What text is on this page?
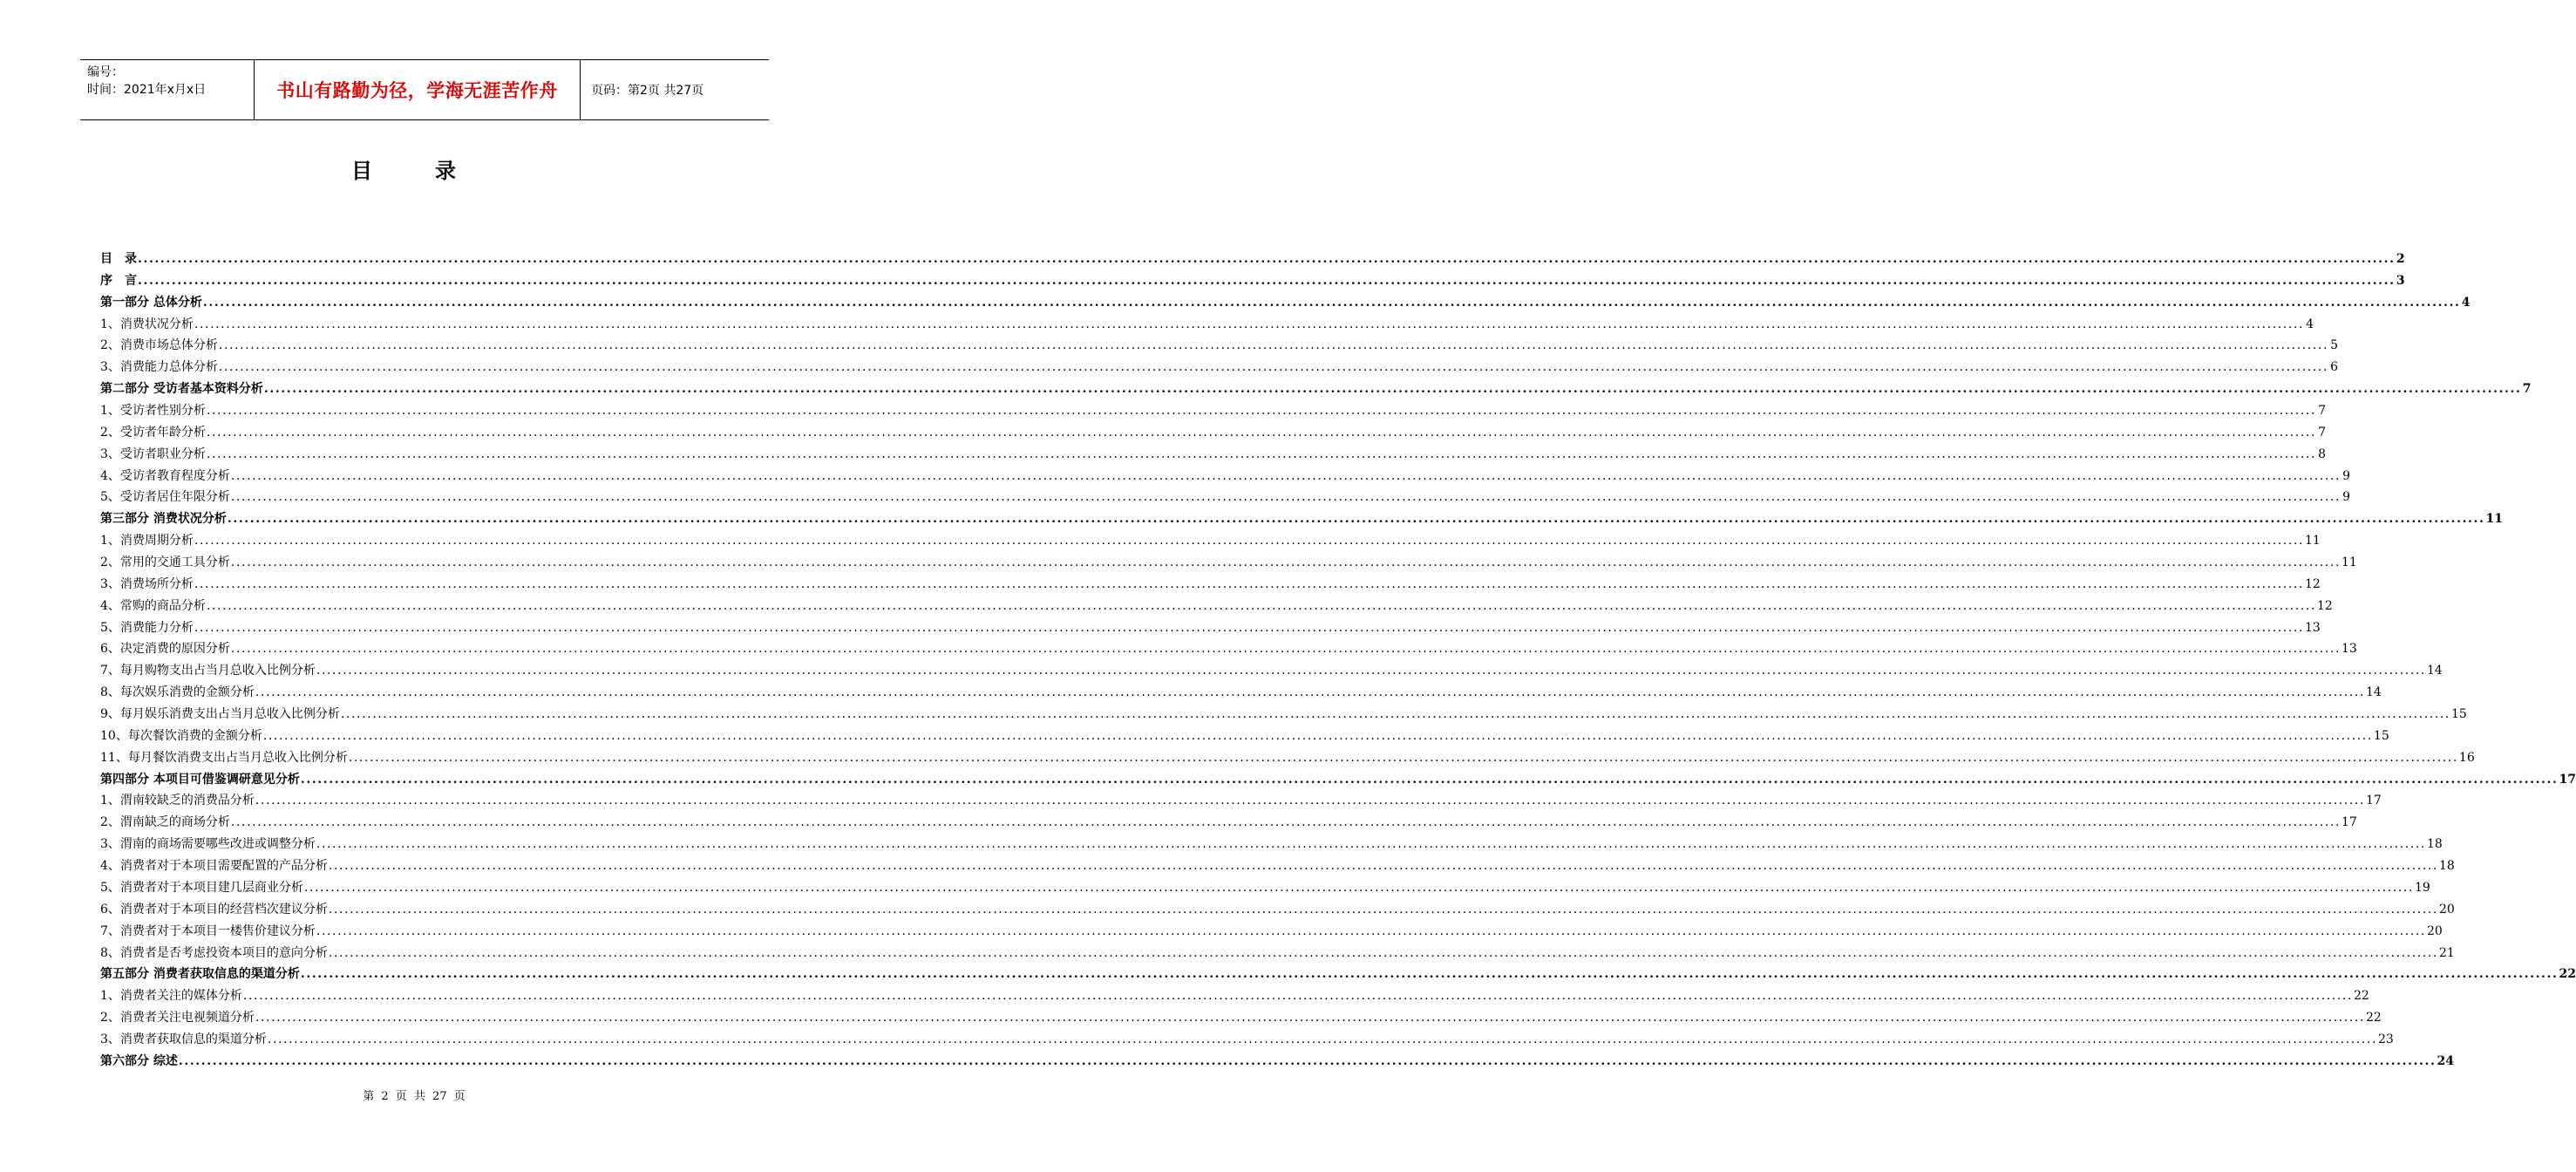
编号：
时间：2021年x月x日	书山有路勤为径，学海无涯苦作舟	页码：第2页 共27页
目　录
目　录 ................................................................................................................................................................................................................................................................................................................................................................................................................ 2
序　言 ................................................................................................................................................................................................................................................................................................................................................................................................................ 3
第一部分 总体分析 ................................................................................................................................................................................................................................................................................................................................................................................................................ 4
1、消费状况分析 ................................................................................................................................................................................................................................................................................................................................................................................................................ 4
2、消费市场总体分析 ................................................................................................................................................................................................................................................................................................................................................................................................................ 5
3、消费能力总体分析 ................................................................................................................................................................................................................................................................................................................................................................................................................ 6
第二部分 受访者基本资料分析 ................................................................................................................................................................................................................................................................................................................................................................................................................ 7
1、受访者性别分析 ................................................................................................................................................................................................................................................................................................................................................................................................................ 7
2、受访者年龄分析 ................................................................................................................................................................................................................................................................................................................................................................................................................ 7
3、受访者职业分析 ................................................................................................................................................................................................................................................................................................................................................................................................................ 8
4、受访者教育程度分析 ................................................................................................................................................................................................................................................................................................................................................................................................................ 9
5、受访者居住年限分析 ................................................................................................................................................................................................................................................................................................................................................................................................................ 9
第三部分 消费状况分析 ................................................................................................................................................................................................................................................................................................................................................................................................................ 11
1、消费周期分析 ................................................................................................................................................................................................................................................................................................................................................................................................................ 11
2、常用的交通工具分析 ................................................................................................................................................................................................................................................................................................................................................................................................................ 11
3、消费场所分析 ................................................................................................................................................................................................................................................................................................................................................................................................................ 12
4、常购的商品分析 ................................................................................................................................................................................................................................................................................................................................................................................................................ 12
5、消费能力分析 ................................................................................................................................................................................................................................................................................................................................................................................................................ 13
6、决定消费的原因分析 ................................................................................................................................................................................................................................................................................................................................................................................................................ 13
7、每月购物支出占当月总收入比例分析 ................................................................................................................................................................................................................................................................................................................................................................................................................ 14
8、每次娱乐消费的金额分析 ................................................................................................................................................................................................................................................................................................................................................................................................................ 14
9、每月娱乐消费支出占当月总收入比例分析 ................................................................................................................................................................................................................................................................................................................................................................................................................ 15
10、每次餐饮消费的金额分析 ................................................................................................................................................................................................................................................................................................................................................................................................................ 15
11、每月餐饮消费支出占当月总收入比例分析 ................................................................................................................................................................................................................................................................................................................................................................................................................ 16
第四部分 本项目可借鉴调研意见分析 ................................................................................................................................................................................................................................................................................................................................................................................................................ 17
1、渭南较缺乏的消费品分析 ................................................................................................................................................................................................................................................................................................................................................................................................................ 17
2、渭南缺乏的商场分析 ................................................................................................................................................................................................................................................................................................................................................................................................................ 17
3、渭南的商场需要哪些改进或调整分析 ................................................................................................................................................................................................................................................................................................................................................................................................................ 18
4、消费者对于本项目需要配置的产品分析 ................................................................................................................................................................................................................................................................................................................................................................................................................ 18
5、消费者对于本项目建几层商业分析 ................................................................................................................................................................................................................................................................................................................................................................................................................ 19
6、消费者对于本项目的经营档次建议分析 ................................................................................................................................................................................................................................................................................................................................................................................................................ 20
7、消费者对于本项目一楼售价建议分析 ................................................................................................................................................................................................................................................................................................................................................................................................................ 20
8、消费者是否考虑投资本项目的意向分析 ................................................................................................................................................................................................................................................................................................................................................................................................................ 21
第五部分 消费者获取信息的渠道分析 ................................................................................................................................................................................................................................................................................................................................................................................................................ 22
1、消费者关注的媒体分析 ................................................................................................................................................................................................................................................................................................................................................................................................................ 22
2、消费者关注电视频道分析 ................................................................................................................................................................................................................................................................................................................................................................................................................ 22
3、消费者获取信息的渠道分析 ................................................................................................................................................................................................................................................................................................................................................................................................................ 23
第六部分 综述 ................................................................................................................................................................................................................................................................................................................................................................................................................ 24
第 2 页 共 27 页
